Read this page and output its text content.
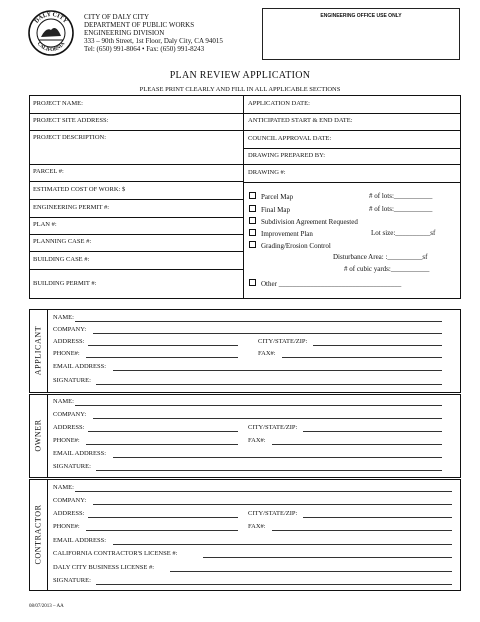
DALY CITY
CALIFORNIA
CITY OF DALY CITY
DEPARTMENT OF PUBLIC WORKS
ENGINEERING DIVISION
333 – 90th Street, 1st Floor, Daly City, CA 94015
Tel: (650) 991-8064 • Fax: (650) 991-8243
ENGINEERING OFFICE USE ONLY
PLAN REVIEW APPLICATION
PLEASE PRINT CLEARLY AND FILL IN ALL APPLICABLE SECTIONS
PROJECT NAME:
PROJECT SITE ADDRESS:
PROJECT DESCRIPTION:
PARCEL #:
ESTIMATED COST OF WORK: $
ENGINEERING PERMIT #:
PLAN #:
PLANNING CASE #:
BUILDING CASE #:
BUILDING PERMIT #:
APPLICATION DATE:
ANTICIPATED START & END DATE:
COUNCIL APPROVAL DATE:
DRAWING PREPARED BY:
DRAWING #:
Parcel Map	# of lots:___________
Final Map	# of lots:___________
Subdivision Agreement Requested
Improvement Plan	Lot size:__________sf
Grading/Erosion Control
Disturbance Area: :__________sf
# of cubic yards:___________
Other ___________________________________
APPLICANT
NAME:
COMPANY:
ADDRESS:	CITY/STATE/ZIP:
PHONE#:	FAX#:
EMAIL ADDRESS:
SIGNATURE:
OWNER
NAME:
COMPANY:
ADDRESS:	CITY/STATE/ZIP:
PHONE#:	FAX#:
EMAIL ADDRESS:
SIGNATURE:
CONTRACTOR
NAME:
COMPANY:
ADDRESS:	CITY/STATE/ZIP:
PHONE#:	FAX#:
EMAIL ADDRESS:
CALIFORNIA CONTRACTOR'S LICENSE #:
DALY CITY BUSINESS LICENSE #:
SIGNATURE:
08/07/2013 – AA
